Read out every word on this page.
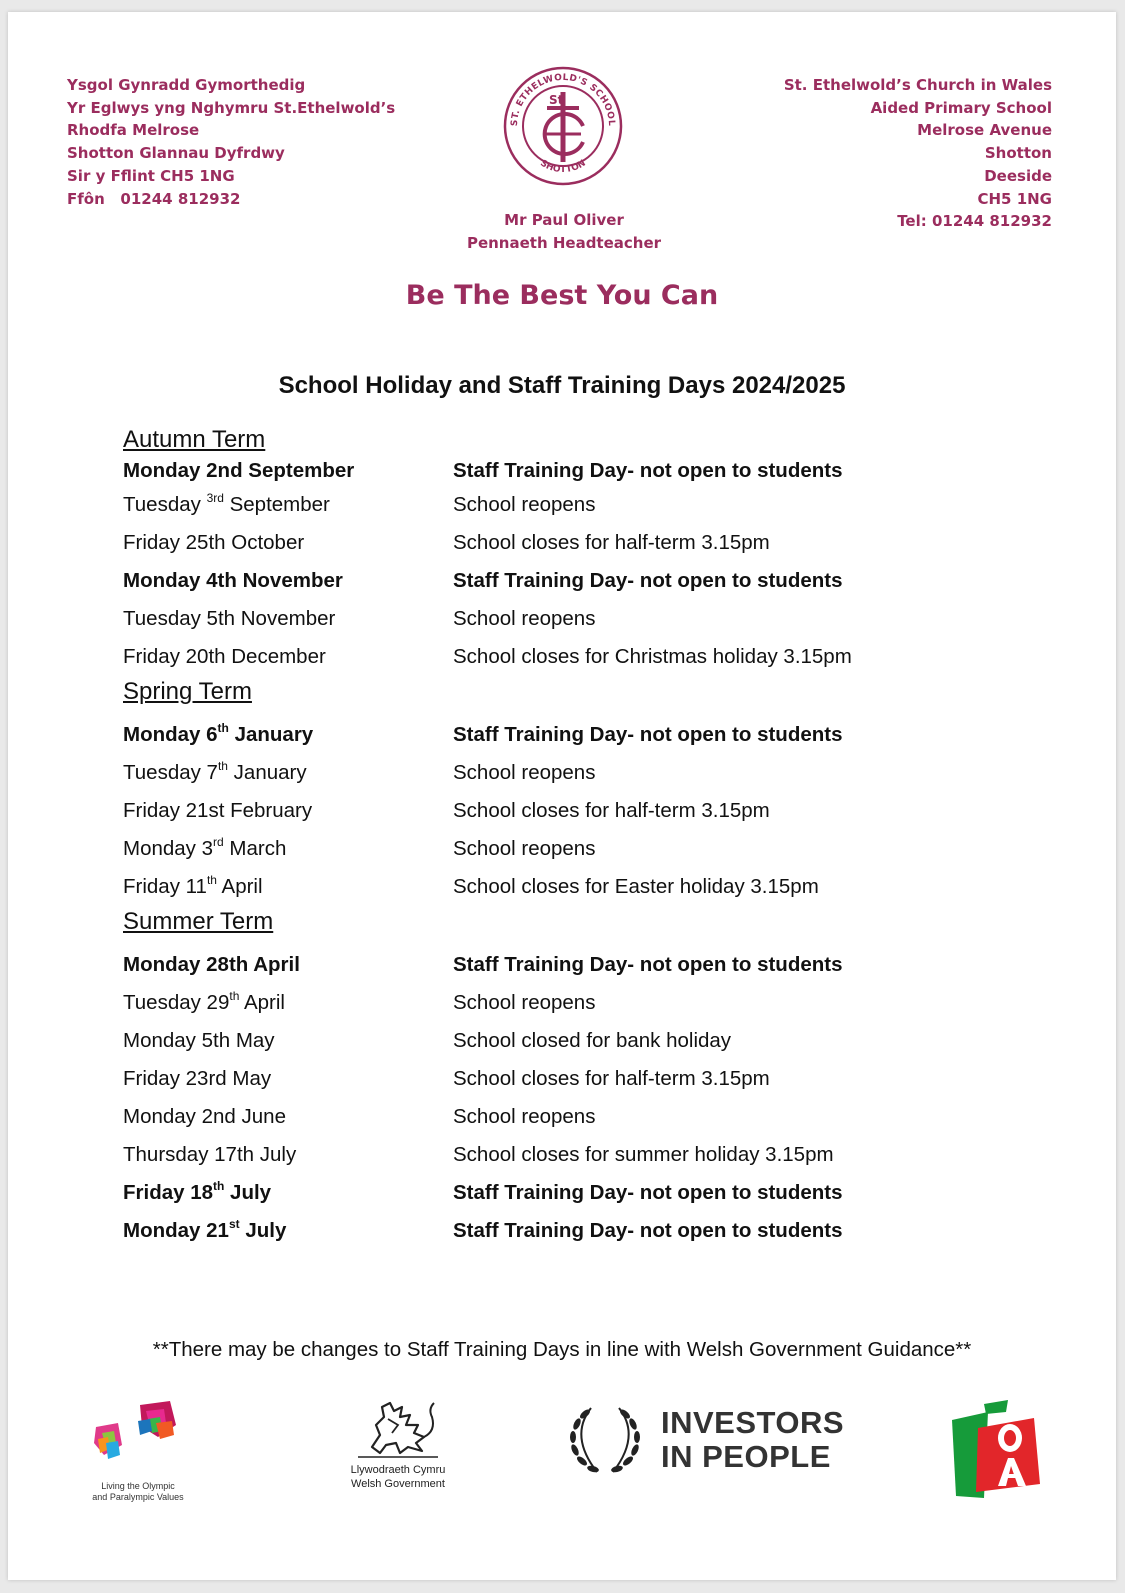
Ysgol Gynradd Gymorthedig
Yr Eglwys yng Nghymru St.Ethelwold’s
Rhodfa Melrose
Shotton Glannau Dyfrdwy
Sir y Fflint CH5 1NG
Ffôn   01244 812932
ST. ETHELWOLD'S SCHOOL
SHOTTON
St
St. Ethelwold’s Church in Wales
Aided Primary School
Melrose Avenue
Shotton
Deeside
CH5 1NG
Tel: 01244 812932
Mr Paul Oliver
Pennaeth Headteacher
Be The Best You Can
School Holiday and Staff Training Days 2024/2025
Autumn Term
Monday 2nd September	Staff Training Day- not open to students
Tuesday $^{3rd}$ September	School reopens
Friday 25th October	School closes for half-term 3.15pm
Monday 4th November	Staff Training Day- not open to students
Tuesday 5th November	School reopens
Friday 20th December	School closes for Christmas holiday 3.15pm
Spring Term
Monday 6th January	Staff Training Day- not open to students
Tuesday 7th January	School reopens
Friday 21st February	School closes for half-term 3.15pm
Monday 3rd March	School reopens
Friday 11th April	School closes for Easter holiday 3.15pm
Summer Term
Monday 28th April	Staff Training Day- not open to students
Tuesday 29th April	School reopens
Monday 5th May	School closed for bank holiday
Friday 23rd May	School closes for half-term 3.15pm
Monday 2nd June	School reopens
Thursday 17th July	School closes for summer holiday 3.15pm
Friday 18th July	Staff Training Day- not open to students
Monday 21st July	Staff Training Day- not open to students
**There may be changes to Staff Training Days in line with Welsh Government Guidance**
Living the Olympic
and Paralympic Values
Llywodraeth Cymru
Welsh Government
INVESTORS
IN PEOPLE
QA
